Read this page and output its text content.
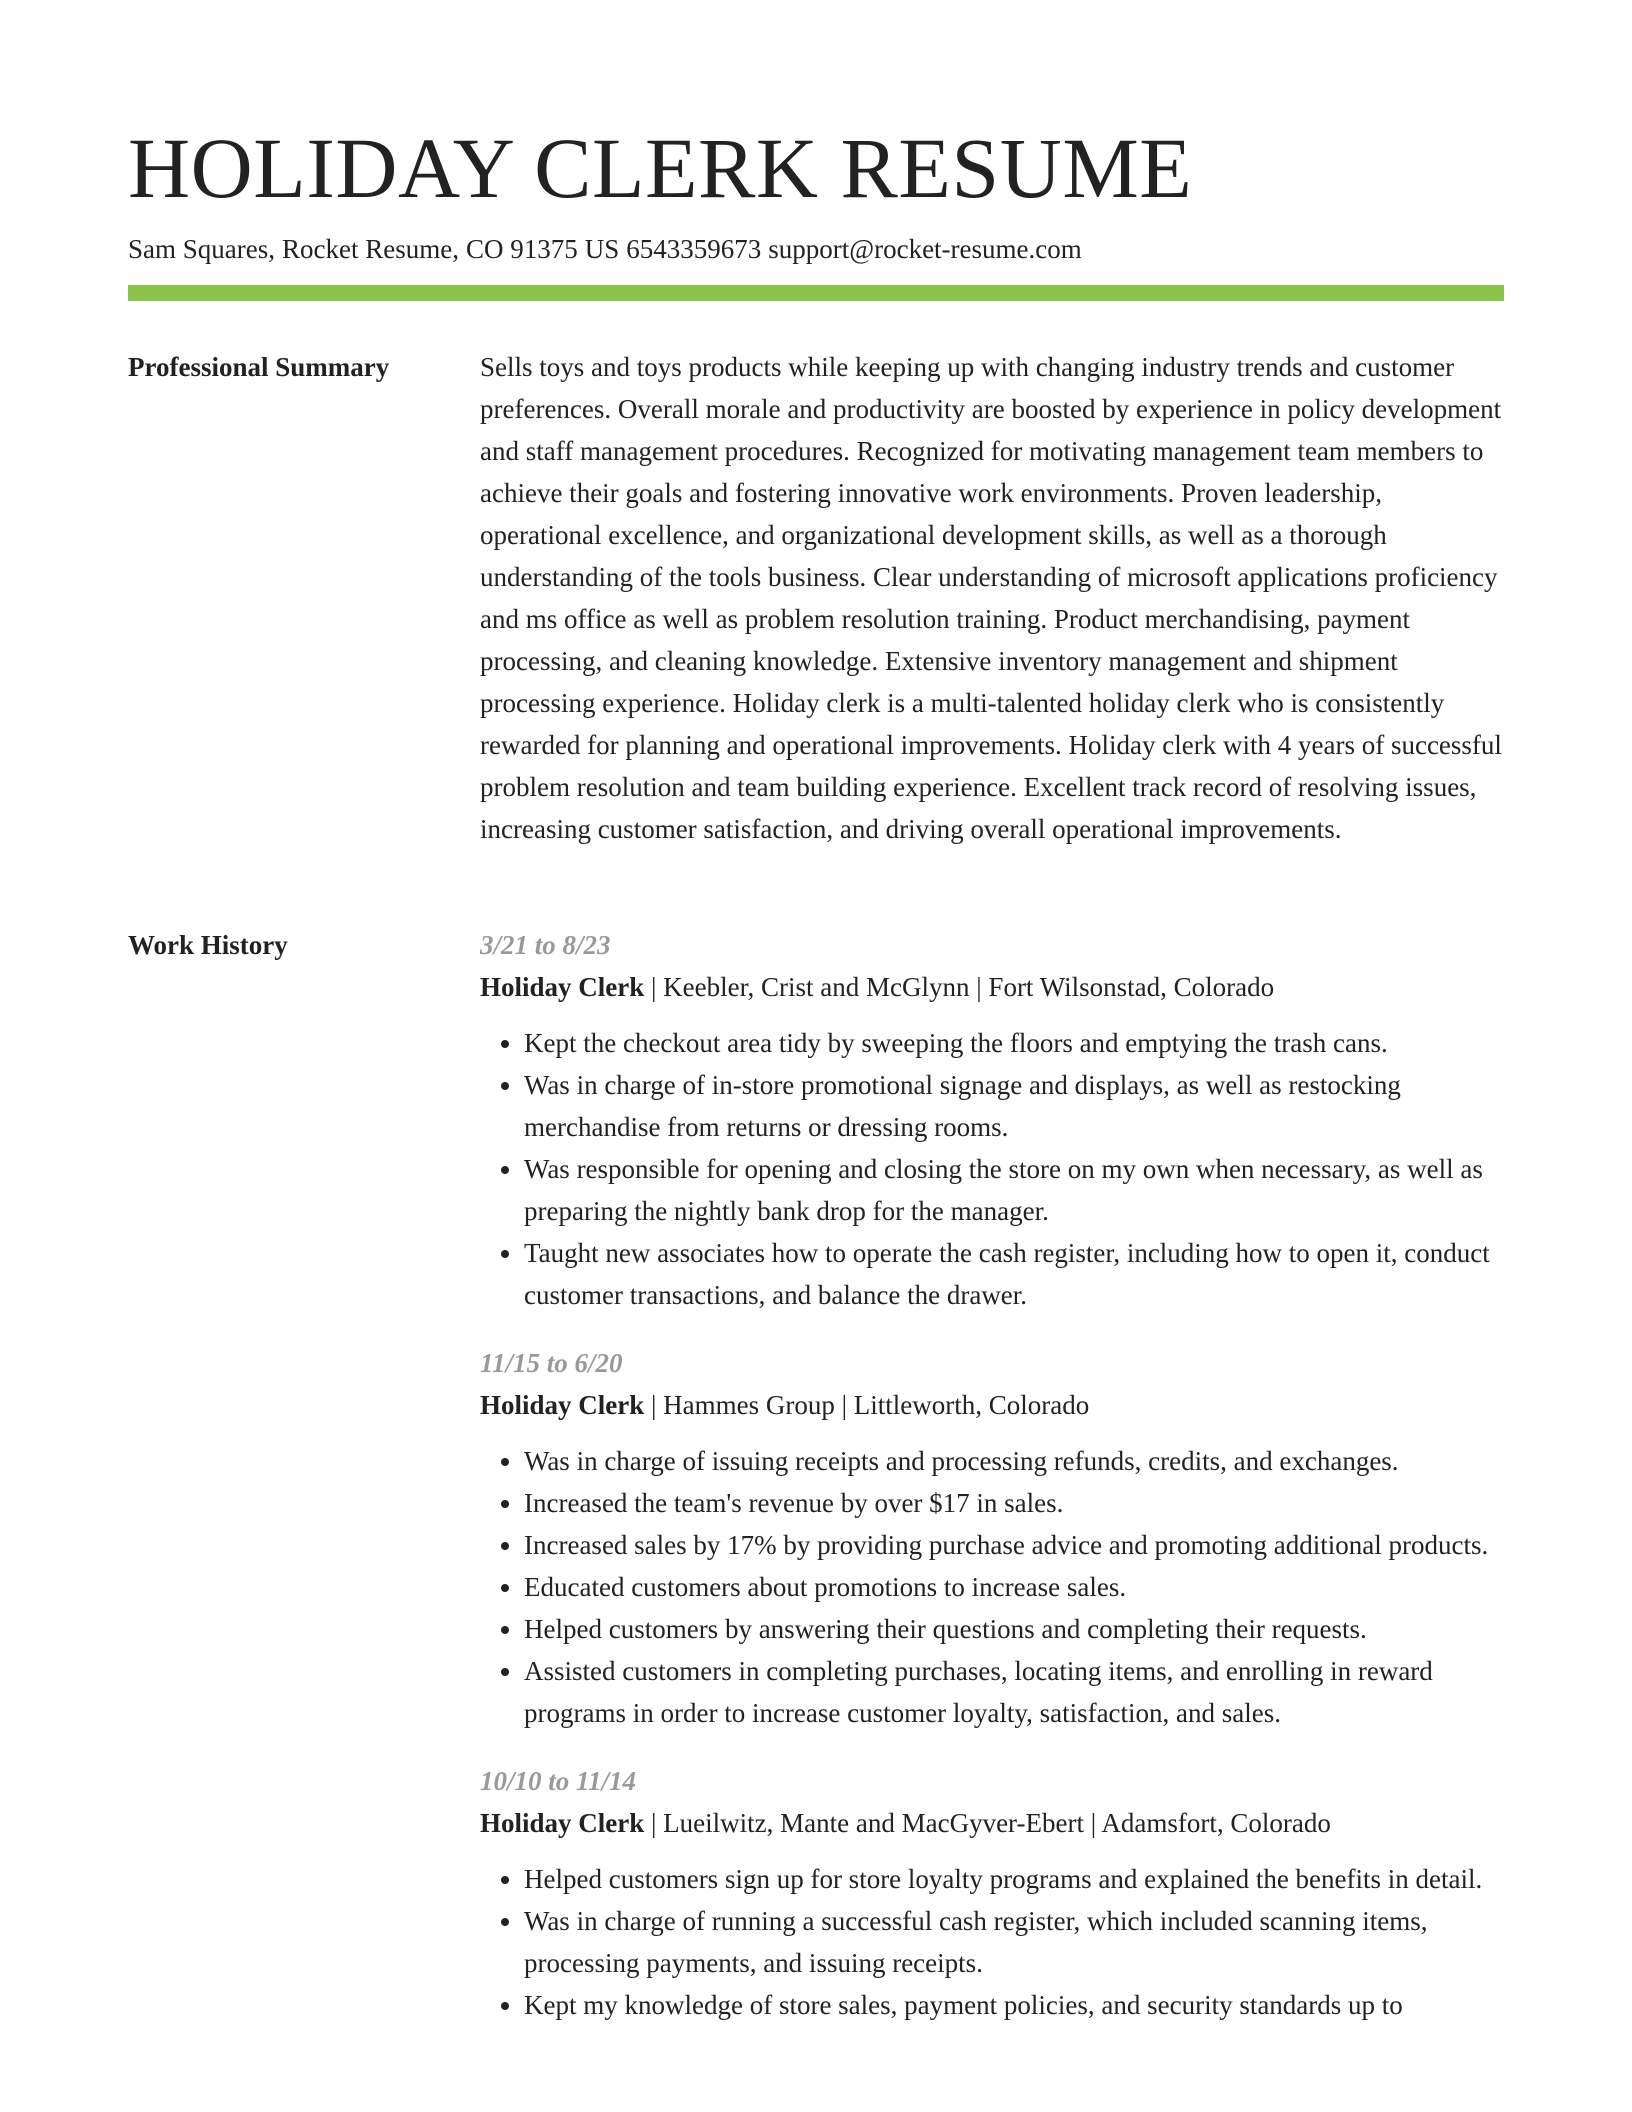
HOLIDAY CLERK RESUME
Sam Squares, Rocket Resume, CO 91375 US 6543359673 support@rocket-resume.com
Professional Summary	Sells toys and toys products while keeping up with changing industry trends and customer preferences. Overall morale and productivity are boosted by experience in policy development and staff management procedures. Recognized for motivating management team members to achieve their goals and fostering innovative work environments. Proven leadership, operational excellence, and organizational development skills, as well as a thorough understanding of the tools business. Clear understanding of microsoft applications proficiency and ms office as well as problem resolution training. Product merchandising, payment processing, and cleaning knowledge. Extensive inventory management and shipment processing experience. Holiday clerk is a multi-talented holiday clerk who is consistently rewarded for planning and operational improvements. Holiday clerk with 4 years of successful problem resolution and team building experience. Excellent track record of resolving issues, increasing customer satisfaction, and driving overall operational improvements.

Work History	3/21 to 8/23
Holiday Clerk | Keebler, Crist and McGlynn | Fort Wilsonstad, Colorado
• Kept the checkout area tidy by sweeping the floors and emptying the trash cans.
• Was in charge of in-store promotional signage and displays, as well as restocking merchandise from returns or dressing rooms.
• Was responsible for opening and closing the store on my own when necessary, as well as preparing the nightly bank drop for the manager.
• Taught new associates how to operate the cash register, including how to open it, conduct customer transactions, and balance the drawer.
11/15 to 6/20
Holiday Clerk | Hammes Group | Littleworth, Colorado
• Was in charge of issuing receipts and processing refunds, credits, and exchanges.
• Increased the team's revenue by over $17 in sales.
• Increased sales by 17% by providing purchase advice and promoting additional products.
• Educated customers about promotions to increase sales.
• Helped customers by answering their questions and completing their requests.
• Assisted customers in completing purchases, locating items, and enrolling in reward programs in order to increase customer loyalty, satisfaction, and sales.
10/10 to 11/14
Holiday Clerk | Lueilwitz, Mante and MacGyver-Ebert | Adamsfort, Colorado
• Helped customers sign up for store loyalty programs and explained the benefits in detail.
• Was in charge of running a successful cash register, which included scanning items, processing payments, and issuing receipts.
• Kept my knowledge of store sales, payment policies, and security standards up to
